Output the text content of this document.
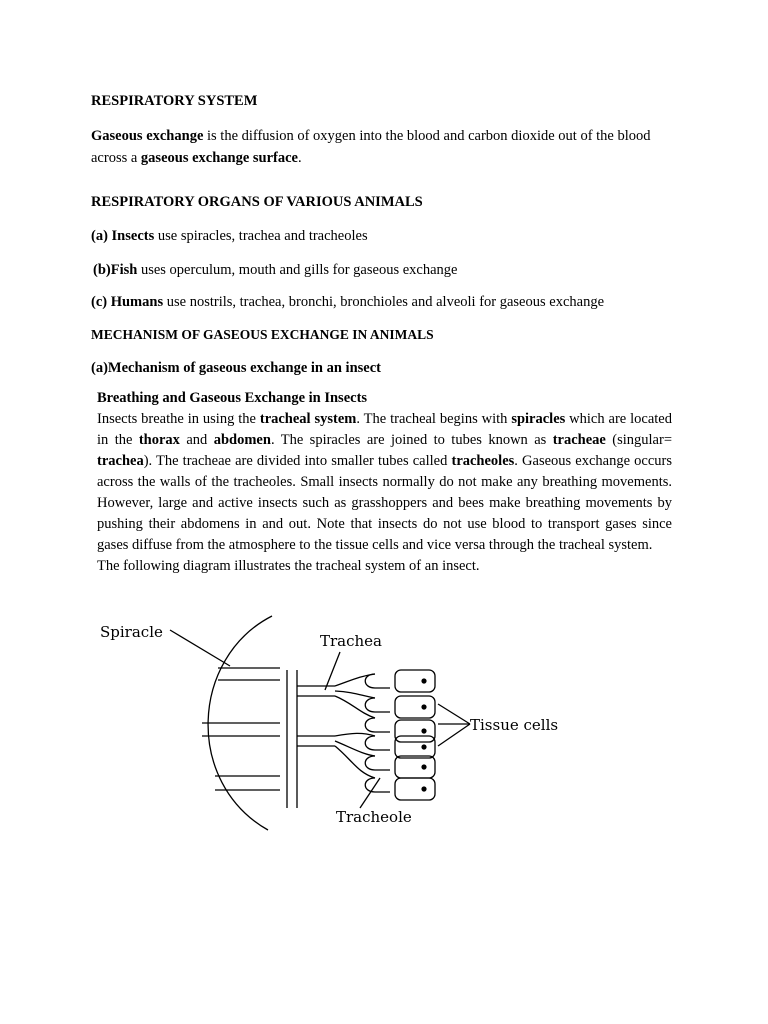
RESPIRATORY SYSTEM

Gaseous exchange is the diffusion of oxygen into the blood and carbon dioxide out of the blood across a gaseous exchange surface.

RESPIRATORY ORGANS OF VARIOUS ANIMALS

(a) Insects use spiracles, trachea and tracheoles

(b)Fish uses operculum, mouth and gills for gaseous exchange

(c) Humans use nostrils, trachea, bronchi, bronchioles and alveoli for gaseous exchange

MECHANISM OF GASEOUS EXCHANGE IN ANIMALS

(a)Mechanism of gaseous exchange in an insect

Breathing and Gaseous Exchange in Insects
Insects breathe in using the tracheal system. The tracheal begins with spiracles which are located in the thorax and abdomen. The spiracles are joined to tubes known as tracheae (singular= trachea). The tracheae are divided into smaller tubes called tracheoles. Gaseous exchange occurs across the walls of the tracheoles. Small insects normally do not make any breathing movements. However, large and active insects such as grasshoppers and bees make breathing movements by pushing their abdomens in and out. Note that insects do not use blood to transport gases since gases diffuse from the atmosphere to the tissue cells and vice versa through the tracheal system.
The following diagram illustrates the tracheal system of an insect.
Spiracle	Trachea
Tissue cells
Tracheole
